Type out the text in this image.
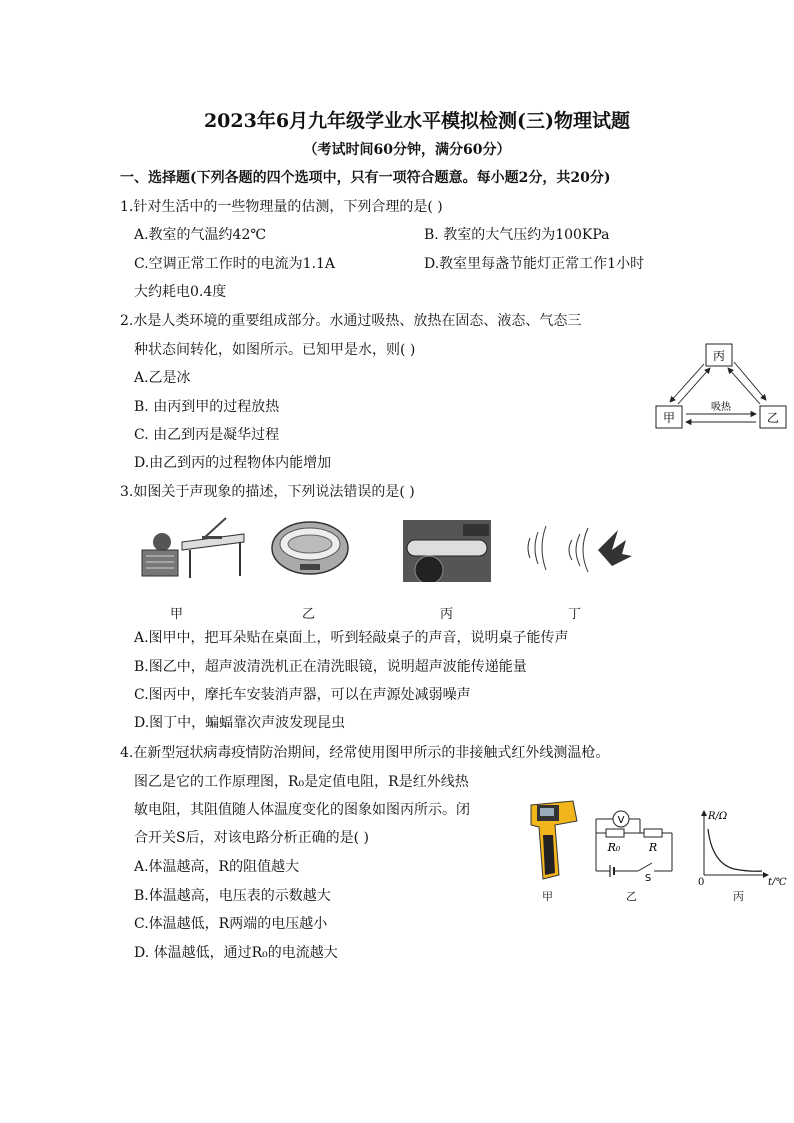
2023年6月九年级学业水平模拟检测(三)物理试题
（考试时间60分钟，满分60分）
一、选择题(下列各题的四个选项中，只有一项符合题意。每小题2分，共20分)
1.针对生活中的一些物理量的估测，下列合理的是( )
A.教室的气温约42℃	B. 教室的大气压约为100KPa
C.空调正常工作时的电流为1.1A	D.教室里每盏节能灯正常工作1小时
大约耗电0.4度
2.水是人类环境的重要组成部分。水通过吸热、放热在固态、液态、气态三
种状态间转化，如图所示。已知甲是水，则( )
A.乙是冰
B. 由丙到甲的过程放热
C. 由乙到丙是凝华过程
D.由乙到丙的过程物体内能增加
丙
甲	乙
吸热
3.如图关于声现象的描述，下列说法错误的是( )
甲	乙	丙	丁
A.图甲中，把耳朵贴在桌面上，听到轻敲桌子的声音，说明桌子能传声
B.图乙中，超声波清洗机正在清洗眼镜，说明超声波能传递能量
C.图丙中，摩托车安装消声器，可以在声源处减弱噪声
D.图丁中，蝙蝠靠次声波发现昆虫
4.在新型冠状病毒疫情防治期间，经常使用图甲所示的非接触式红外线测温枪。
图乙是它的工作原理图，R₀是定值电阻，R是红外线热
敏电阻，其阻值随人体温度变化的图象如图丙所示。闭
合开关S后，对该电路分析正确的是( )
A.体温越高，R的阻值越大
B.体温越高，电压表的示数越大
C.体温越低，R两端的电压越小
D. 体温越低，通过R₀的电流越大
V
R₀	R
S
R/Ω
0	t/℃
甲	乙	丙
